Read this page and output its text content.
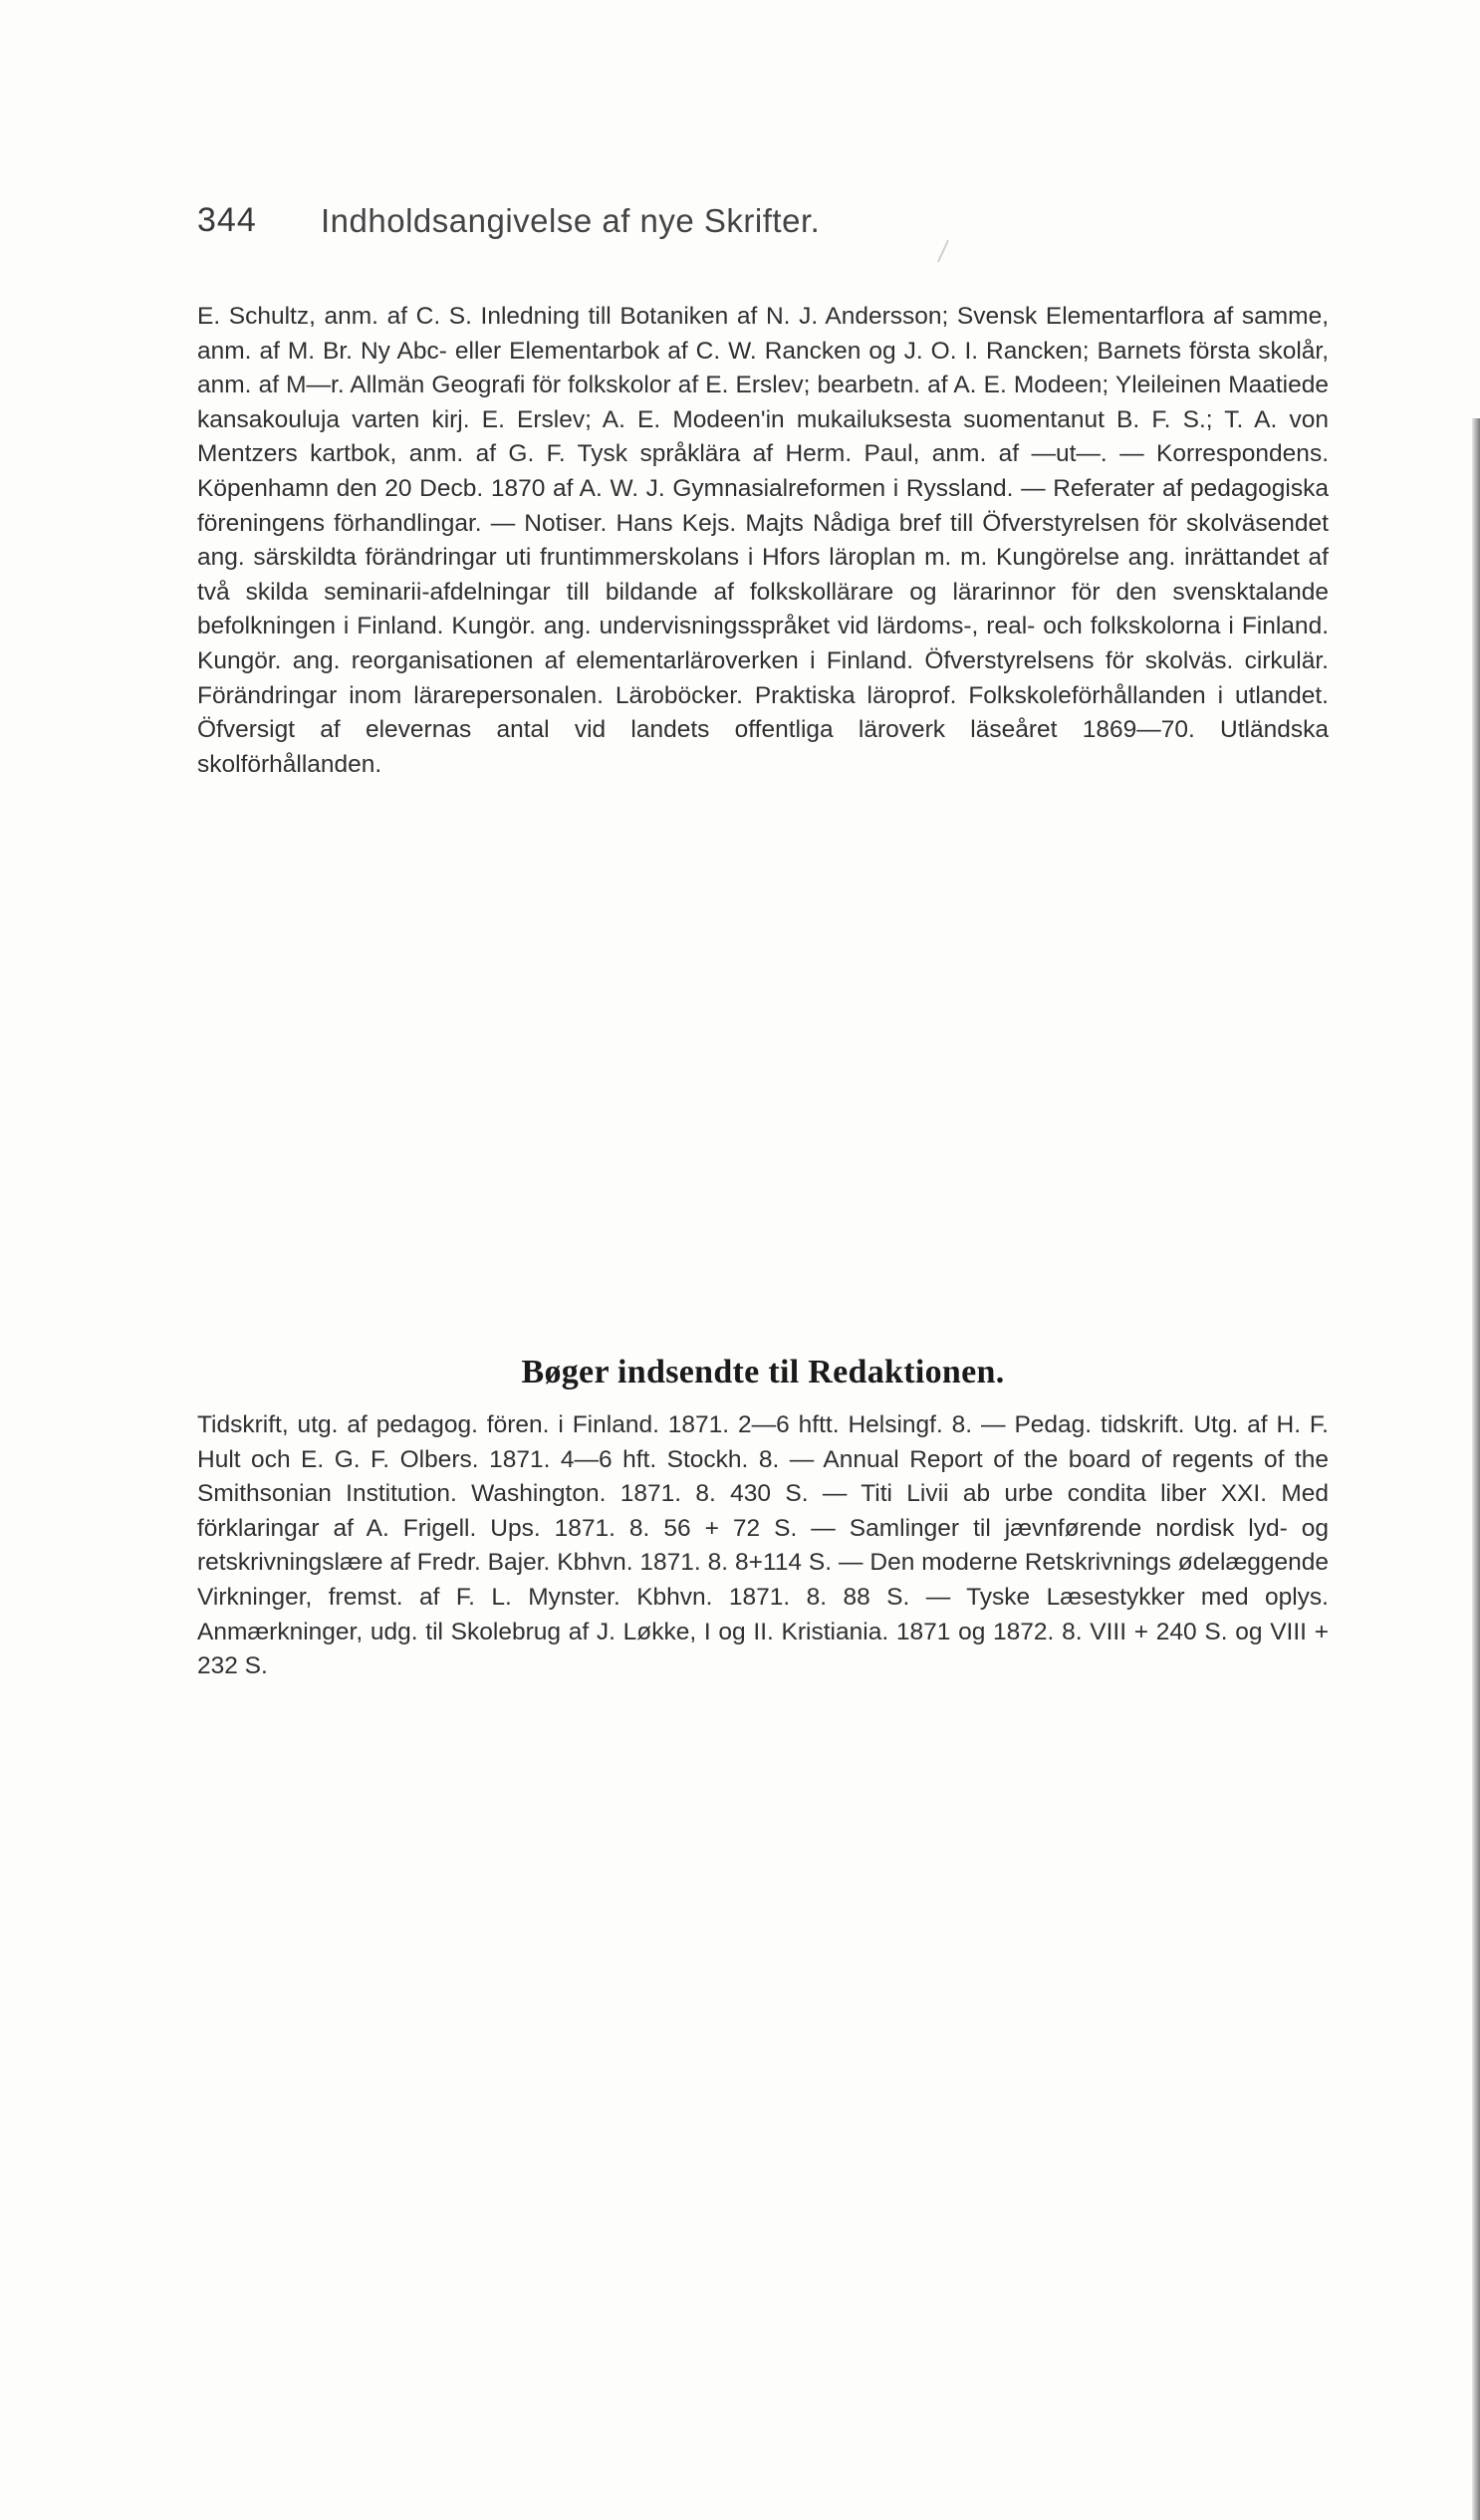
344 Indholdsangivelse af nye Skrifter.

E. Schultz, anm. af C. S. Inledning till Botaniken af N. J. Andersson; Svensk Elementarflora af samme, anm. af M. Br. Ny Abc- eller Elementarbok af C. W. Rancken og J. O. I. Rancken; Barnets första skolår, anm. af M—r. Allmän Geografi för folkskolor af E. Erslev; bearbetn. af A. E. Modeen; Yleileinen Maatiede kansakouluja varten kirj. E. Erslev; A. E. Modeen'in mukailuksesta suomentanut B. F. S.; T. A. von Mentzers kartbok, anm. af G. F. Tysk språklära af Herm. Paul, anm. af —ut—. — Korrespondens. Köpenhamn den 20 Decb. 1870 af A. W. J. Gymnasialreformen i Ryssland. — Referater af pedagogiska föreningens förhandlingar. — Notiser. Hans Kejs. Majts Nådiga bref till Öfverstyrelsen för skolväsendet ang. särskildta förändringar uti fruntimmerskolans i Hfors läroplan m. m. Kungörelse ang. inrättandet af två skilda seminarii-afdelningar till bildande af folkskollärare og lärarinnor för den svensktalande befolkningen i Finland. Kungör. ang. undervisningsspråket vid lärdoms-, real- och folkskolorna i Finland. Kungör. ang. reorganisationen af elementarläroverken i Finland. Öfverstyrelsens för skolväs. cirkulär. Förändringar inom lärarepersonalen. Läroböcker. Praktiska läroprof. Folkskoleförhållanden i utlandet. Öfversigt af elevernas antal vid landets offentliga läroverk läseåret 1869—70. Utländska skolförhållanden.

Bøger indsendte til Redaktionen.

Tidskrift, utg. af pedagog. fören. i Finland. 1871. 2—6 hftt. Helsingf. 8. — Pedag. tidskrift. Utg. af H. F. Hult och E. G. F. Olbers. 1871. 4—6 hft. Stockh. 8. — Annual Report of the board of regents of the Smithsonian Institution. Washington. 1871. 8. 430 S. — Titi Livii ab urbe condita liber XXI. Med förklaringar af A. Frigell. Ups. 1871. 8. 56 + 72 S. — Samlinger til jævnførende nordisk lyd- og retskrivningslære af Fredr. Bajer. Kbhvn. 1871. 8. 8+114 S. — Den moderne Retskrivnings ødelæggende Virkninger, fremst. af F. L. Mynster. Kbhvn. 1871. 8. 88 S. — Tyske Læsestykker med oplys. Anmærkninger, udg. til Skolebrug af J. Løkke, I og II. Kristiania. 1871 og 1872. 8. VIII + 240 S. og VIII + 232 S.
